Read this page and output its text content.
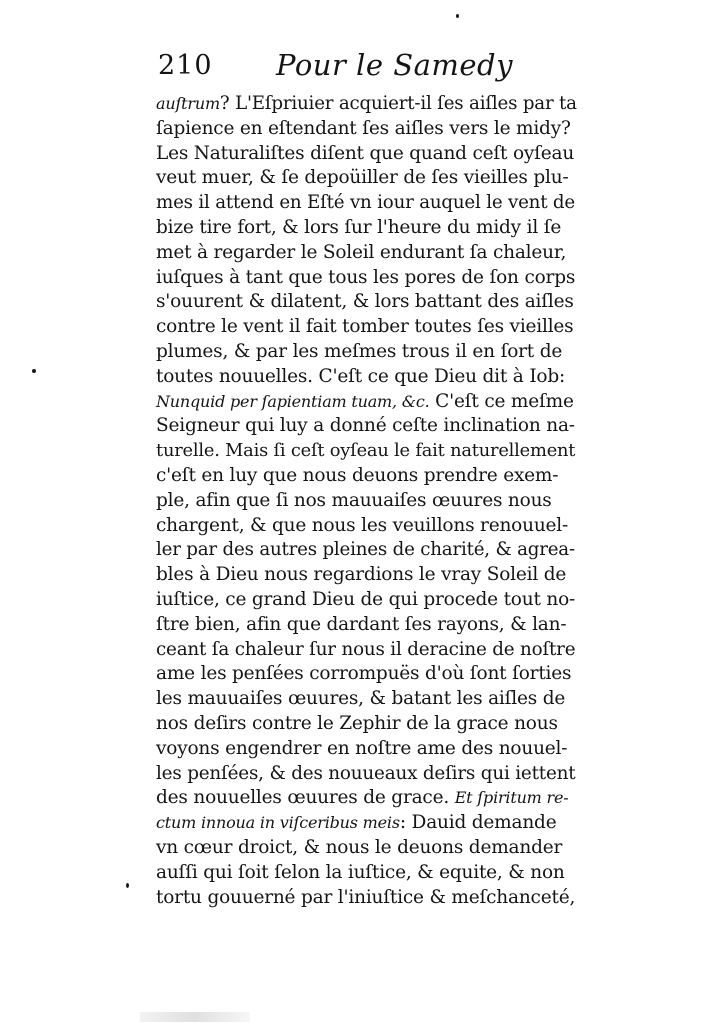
210 Pour le Samedy
auſtrum? L'Eſpriuier acquiert-il ſes aiſles par ta
ſapience en eſtendant ſes aiſles vers le midy?
Les Naturaliſtes diſent que quand ceſt oyſeau
veut muer, & ſe depoüiller de ſes vieilles plu-
mes il attend en Eſté vn iour auquel le vent de
bize tire fort, & lors ſur l'heure du midy il ſe
met à regarder le Soleil endurant ſa chaleur,
iuſques à tant que tous les pores de ſon corps
s'ouurent & dilatent, & lors battant des aiſles
contre le vent il fait tomber toutes ſes vieilles
plumes, & par les meſmes trous il en ſort de
toutes nouuelles. C'eſt ce que Dieu dit à Iob:
Nunquid per ſapientiam tuam, &c. C'eſt ce meſme
Seigneur qui luy a donné ceſte inclination na-
turelle. Mais ſi ceſt oyſeau le fait naturellement
c'eſt en luy que nous deuons prendre exem-
ple, afin que ſi nos mauuaiſes œuures nous
chargent, & que nous les veuillons renouuel-
ler par des autres pleines de charité, & agrea-
bles à Dieu nous regardions le vray Soleil de
iuſtice, ce grand Dieu de qui procede tout no-
ſtre bien, afin que dardant ſes rayons, & lan-
ceant ſa chaleur ſur nous il deracine de noſtre
ame les penſées corrompuës d'où ſont ſorties
les mauuaiſes œuures, & batant les aiſles de
nos deſirs contre le Zephir de la grace nous
voyons engendrer en noſtre ame des nouuel-
les penſées, & des nouueaux deſirs qui iettent
des nouuelles œuures de grace. Et ſpiritum re-
ctum innoua in viſceribus meis: Dauid demande
vn cœur droict, & nous le deuons demander
auſſi qui ſoit ſelon la iuſtice, & equite, & non
tortu gouuerné par l'iniuſtice & meſchanceté,
